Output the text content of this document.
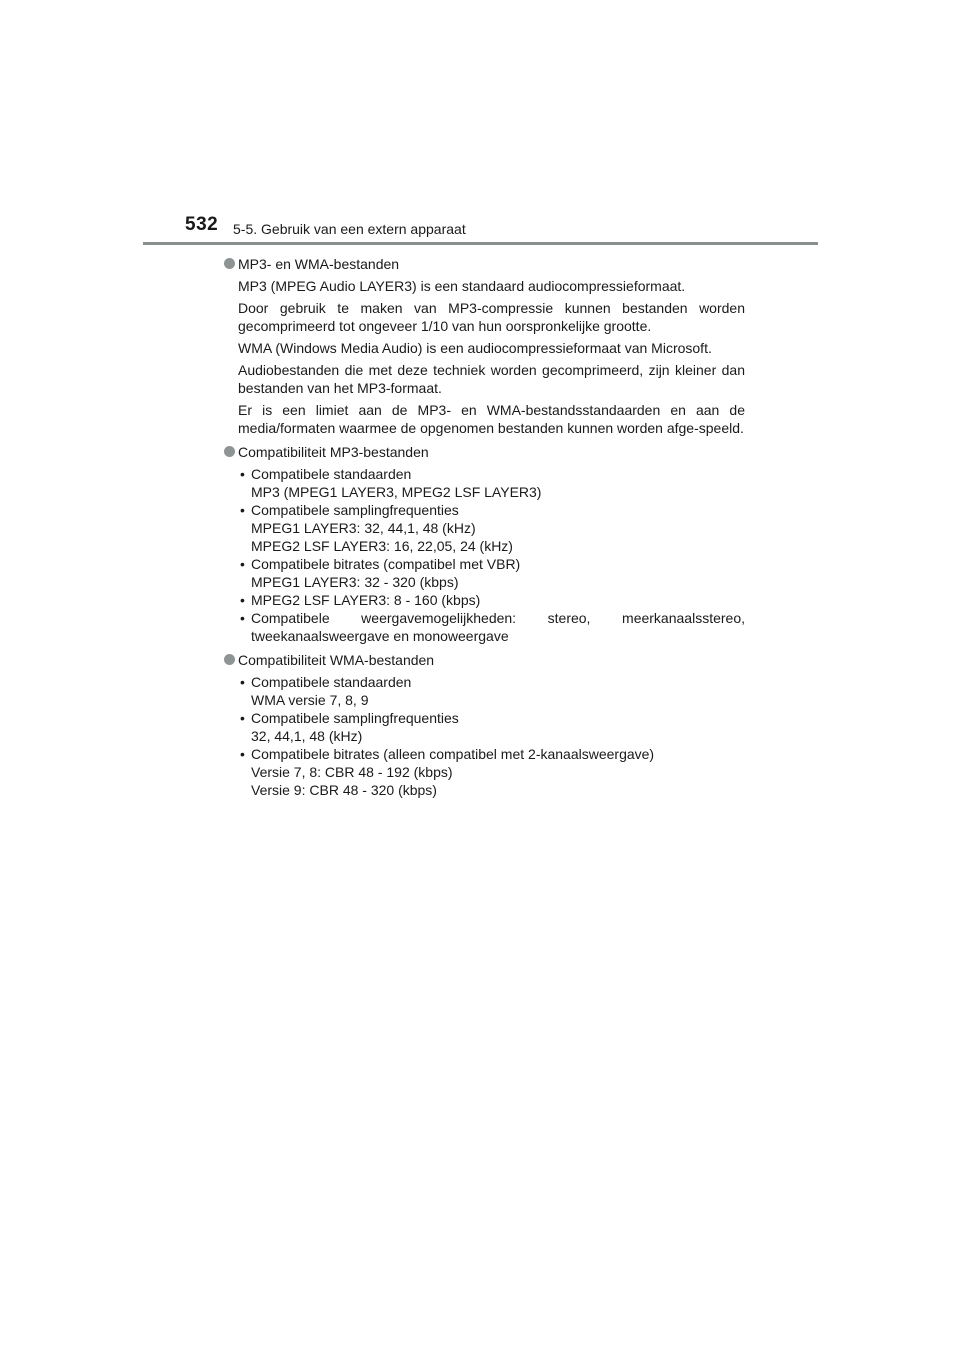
532 5-5. Gebruik van een extern apparaat
MP3- en WMA-bestanden
MP3 (MPEG Audio LAYER3) is een standaard audiocompressieformaat.
Door gebruik te maken van MP3-compressie kunnen bestanden worden gecomprimeerd tot ongeveer 1/10 van hun oorspronkelijke grootte.
WMA (Windows Media Audio) is een audiocompressieformaat van Microsoft.
Audiobestanden die met deze techniek worden gecomprimeerd, zijn kleiner dan bestanden van het MP3-formaat.
Er is een limiet aan de MP3- en WMA-bestandsstandaarden en aan de media/formaten waarmee de opgenomen bestanden kunnen worden afge-speeld.
Compatibiliteit MP3-bestanden
• Compatibele standaarden
MP3 (MPEG1 LAYER3, MPEG2 LSF LAYER3)
• Compatibele samplingfrequenties
MPEG1 LAYER3: 32, 44,1, 48 (kHz)
MPEG2 LSF LAYER3: 16, 22,05, 24 (kHz)
• Compatibele bitrates (compatibel met VBR)
MPEG1 LAYER3: 32 - 320 (kbps)
• MPEG2 LSF LAYER3: 8 - 160 (kbps)
• Compatibele weergavemogelijkheden: stereo, meerkanaalsstereo, tweekanaalsweergave en monoweergave
Compatibiliteit WMA-bestanden
• Compatibele standaarden
WMA versie 7, 8, 9
• Compatibele samplingfrequenties
32, 44,1, 48 (kHz)
• Compatibele bitrates (alleen compatibel met 2-kanaalsweergave)
Versie 7, 8: CBR 48 - 192 (kbps)
Versie 9: CBR 48 - 320 (kbps)
